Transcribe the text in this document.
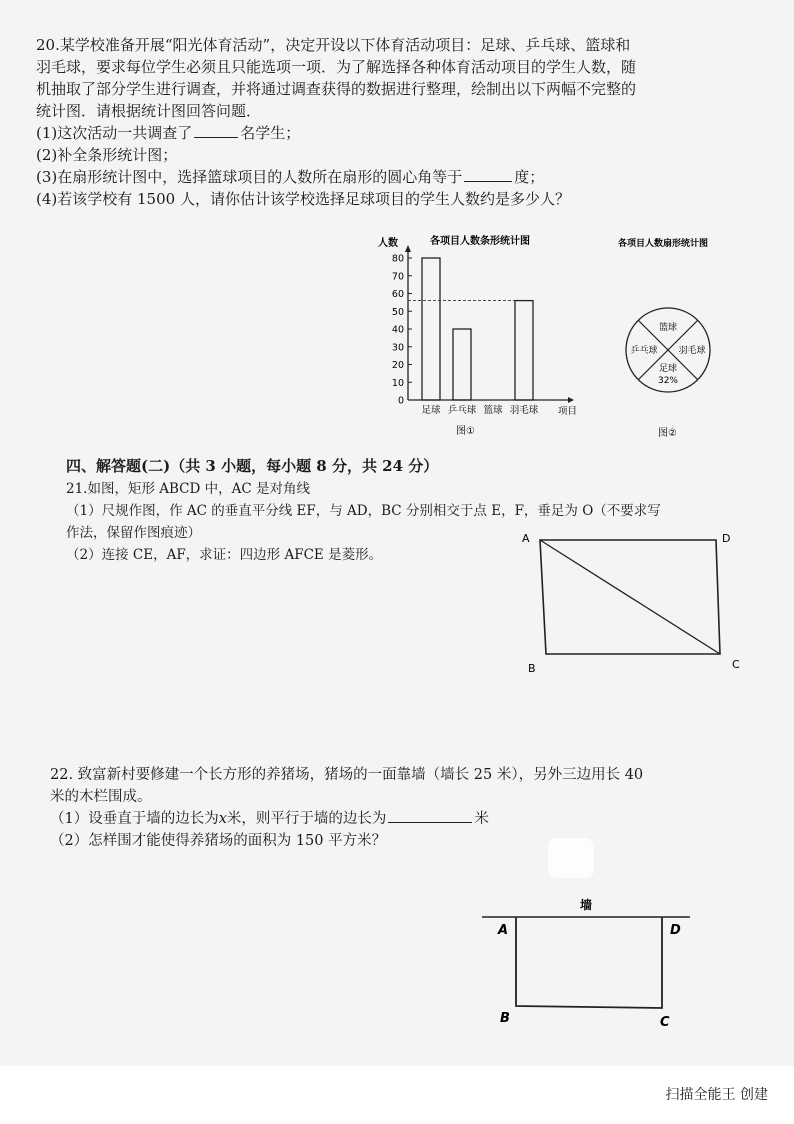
20.某学校准备开展“阳光体育活动”，决定开设以下体育活动项目：足球、乒乓球、篮球和
羽毛球，要求每位学生必须且只能选项一项．为了解选择各种体育活动项目的学生人数，随
机抽取了部分学生进行调查，并将通过调查获得的数据进行整理，绘制出以下两幅不完整的
统计图．请根据统计图回答问题．
(1)这次活动一共调查了	名学生；
(2)补全条形统计图；
(3)在扇形统计图中，选择篮球项目的人数所在扇形的圆心角等于	度；
(4)若该学校有 1500 人，请你估计该学校选择足球项目的学生人数约是多少人？
人数	各项目人数条形统计图
0
10
20
30
40
50
60
70
80
足球 乒乓球 篮球 羽毛球 项目
图①
各项目人数扇形统计图
篮球
乒乓球 羽毛球
足球
32%
图②
四、解答题(二)（共 3 小题，每小题 8 分，共 24 分）
21.如图，矩形 ABCD 中，AC 是对角线
（1）尺规作图，作 AC 的垂直平分线 EF，与 AD，BC 分别相交于点 E，F，垂足为 O（不要求写
作法，保留作图痕迹）
（2）连接 CE，AF，求证：四边形 AFCE 是菱形。
A	D
B	C
22. 致富新村要修建一个长方形的养猪场，猪场的一面靠墙（墙长 25 米），另外三边用长 40
米的木栏围成。
（1）设垂直于墙的边长为x米，则平行于墙的边长为	米
（2）怎样围才能使得养猪场的面积为 150 平方米？
墙
A	D
B	C
扫描全能王 创建
